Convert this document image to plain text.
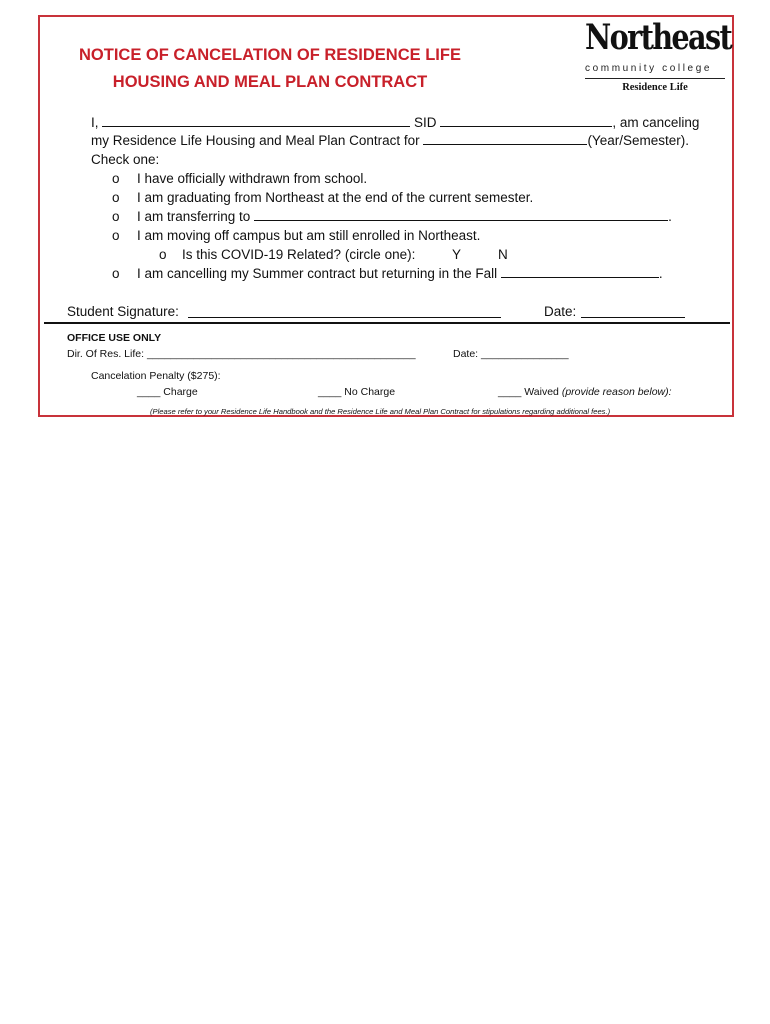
NOTICE OF CANCELATION OF RESIDENCE LIFE
HOUSING AND MEAL PLAN CONTRACT
Northeast
community college
Residence Life
I,	SID	, am canceling
my Residence Life Housing and Meal Plan Contract for	(Year/Semester).
Check one:
o I have officially withdrawn from school.
o I am graduating from Northeast at the end of the current semester.
o I am transferring to	.
o I am moving off campus but am still enrolled in Northeast.
o Is this COVID-19 Related? (circle one):	Y	N
o I am cancelling my Summer contract but returning in the Fall	.
Student Signature:	Date:
OFFICE USE ONLY
Dir. Of Res. Life: ______________________________________________	Date: _______________
Cancelation Penalty ($275):
____ Charge	____ No Charge	____ Waived (provide reason below):
(Please refer to your Residence Life Handbook and the Residence Life and Meal Plan Contract for stipulations regarding additional fees.)
